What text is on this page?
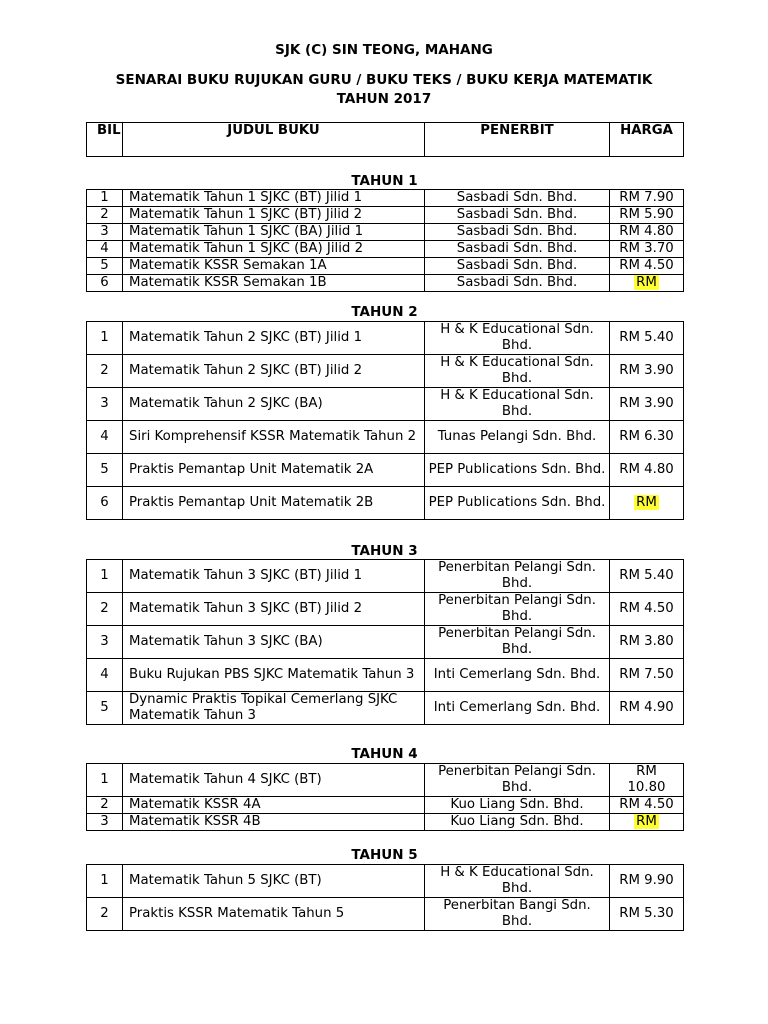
SJK (C) SIN TEONG, MAHANG
SENARAI BUKU RUJUKAN GURU / BUKU TEKS / BUKU KERJA MATEMATIK
TAHUN 2017
BIL	JUDUL BUKU	PENERBIT	HARGA
TAHUN 1
1	Matematik Tahun 1 SJKC (BT) Jilid 1	Sasbadi Sdn. Bhd.	RM 7.90
2	Matematik Tahun 1 SJKC (BT) Jilid 2	Sasbadi Sdn. Bhd.	RM 5.90
3	Matematik Tahun 1 SJKC (BA) Jilid 1	Sasbadi Sdn. Bhd.	RM 4.80
4	Matematik Tahun 1 SJKC (BA) Jilid 2	Sasbadi Sdn. Bhd.	RM 3.70
5	Matematik KSSR Semakan 1A	Sasbadi Sdn. Bhd.	RM 4.50
6	Matematik KSSR Semakan 1B	Sasbadi Sdn. Bhd.	RM
TAHUN 2
1	Matematik Tahun 2 SJKC (BT) Jilid 1	H & K Educational Sdn. Bhd.	RM 5.40
2	Matematik Tahun 2 SJKC (BT) Jilid 2	H & K Educational Sdn. Bhd.	RM 3.90
3	Matematik Tahun 2 SJKC (BA)	H & K Educational Sdn. Bhd.	RM 3.90
4	Siri Komprehensif KSSR Matematik Tahun 2	Tunas Pelangi Sdn. Bhd.	RM 6.30
5	Praktis Pemantap Unit Matematik 2A	PEP Publications Sdn. Bhd.	RM 4.80
6	Praktis Pemantap Unit Matematik 2B	PEP Publications Sdn. Bhd.	RM
TAHUN 3
1	Matematik Tahun 3 SJKC (BT) Jilid 1	Penerbitan Pelangi Sdn. Bhd.	RM 5.40
2	Matematik Tahun 3 SJKC (BT) Jilid 2	Penerbitan Pelangi Sdn. Bhd.	RM 4.50
3	Matematik Tahun 3 SJKC (BA)	Penerbitan Pelangi Sdn. Bhd.	RM 3.80
4	Buku Rujukan PBS SJKC Matematik Tahun 3	Inti Cemerlang Sdn. Bhd.	RM 7.50
5	Dynamic Praktis Topikal Cemerlang SJKC Matematik Tahun 3	Inti Cemerlang Sdn. Bhd.	RM 4.90
TAHUN 4
1	Matematik Tahun 4 SJKC (BT)	Penerbitan Pelangi Sdn. Bhd.	RM 10.80
2	Matematik KSSR 4A	Kuo Liang Sdn. Bhd.	RM 4.50
3	Matematik KSSR 4B	Kuo Liang Sdn. Bhd.	RM
TAHUN 5
1	Matematik Tahun 5 SJKC (BT)	H & K Educational Sdn. Bhd.	RM 9.90
2	Praktis KSSR Matematik Tahun 5	Penerbitan Bangi Sdn. Bhd.	RM 5.30
